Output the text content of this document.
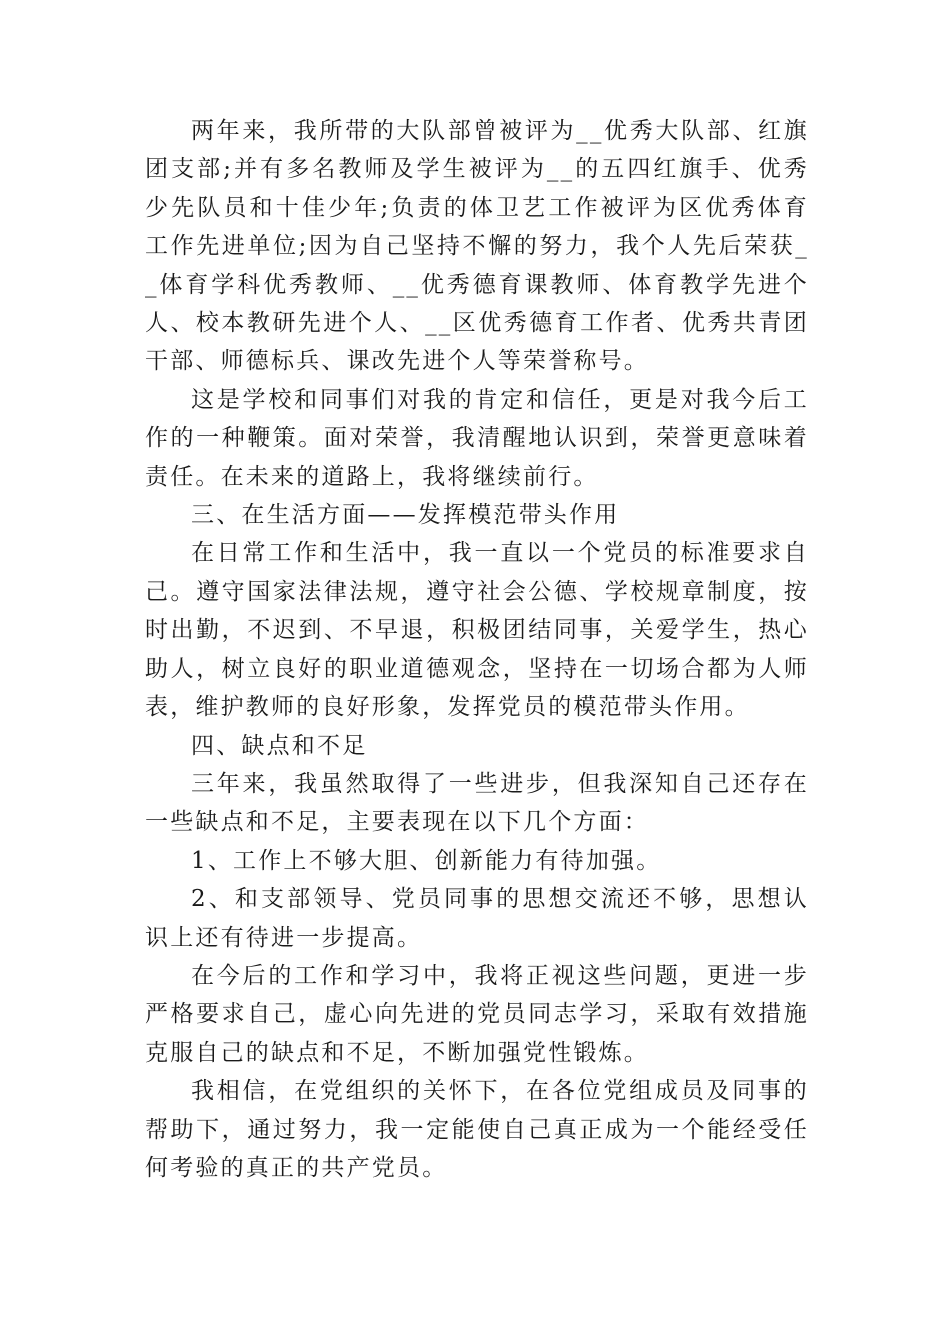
两年来，我所带的大队部曾被评为__优秀大队部、红旗团支部;并有多名教师及学生被评为__的五四红旗手、优秀少先队员和十佳少年;负责的体卫艺工作被评为区优秀体育工作先进单位;因为自己坚持不懈的努力，我个人先后荣获__体育学科优秀教师、__优秀德育课教师、体育教学先进个人、校本教研先进个人、__区优秀德育工作者、优秀共青团干部、师德标兵、课改先进个人等荣誉称号。

这是学校和同事们对我的肯定和信任，更是对我今后工作的一种鞭策。面对荣誉，我清醒地认识到，荣誉更意味着责任。在未来的道路上，我将继续前行。

三、在生活方面——发挥模范带头作用

在日常工作和生活中，我一直以一个党员的标准要求自己。遵守国家法律法规，遵守社会公德、学校规章制度，按时出勤，不迟到、不早退，积极团结同事，关爱学生，热心助人，树立良好的职业道德观念，坚持在一切场合都为人师表，维护教师的良好形象，发挥党员的模范带头作用。

四、缺点和不足

三年来，我虽然取得了一些进步，但我深知自己还存在一些缺点和不足，主要表现在以下几个方面：

1、工作上不够大胆、创新能力有待加强。

2、和支部领导、党员同事的思想交流还不够，思想认识上还有待进一步提高。

在今后的工作和学习中，我将正视这些问题，更进一步严格要求自己，虚心向先进的党员同志学习，采取有效措施克服自己的缺点和不足，不断加强党性锻炼。

我相信，在党组织的关怀下，在各位党组成员及同事的帮助下，通过努力，我一定能使自己真正成为一个能经受任何考验的真正的共产党员。
